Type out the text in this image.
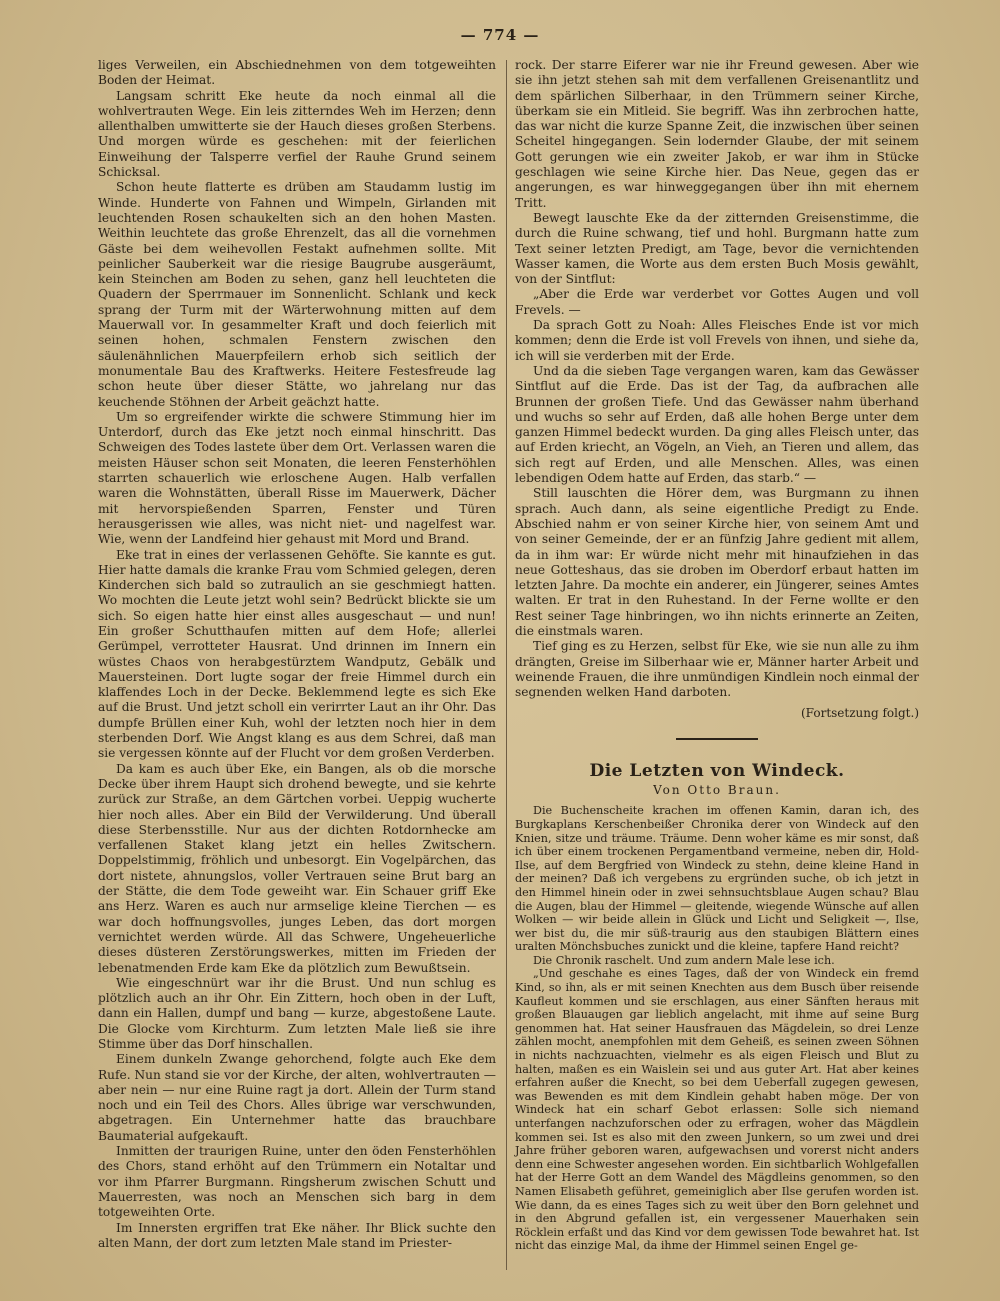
— 774 —

liges Verweilen, ein Abschiednehmen von dem totgeweihten Boden der Heimat.

Langsam schritt Eke heute da noch einmal all die wohlvertrauten Wege. Ein leis zitterndes Weh im Herzen; denn allenthalben umwitterte sie der Hauch dieses großen Sterbens. Und morgen würde es geschehen: mit der feierlichen Einweihung der Talsperre verfiel der Rauhe Grund seinem Schicksal.

Schon heute flatterte es drüben am Staudamm lustig im Winde. Hunderte von Fahnen und Wimpeln, Girlanden mit leuchtenden Rosen schaukelten sich an den hohen Masten. Weithin leuchtete das große Ehrenzelt, das all die vornehmen Gäste bei dem weihevollen Festakt aufnehmen sollte. Mit peinlicher Sauberkeit war die riesige Baugrube ausgeräumt, kein Steinchen am Boden zu sehen, ganz hell leuchteten die Quadern der Sperrmauer im Sonnenlicht. Schlank und keck sprang der Turm mit der Wärterwohnung mitten auf dem Mauerwall vor. In gesammelter Kraft und doch feierlich mit seinen hohen, schmalen Fenstern zwischen den säulenähnlichen Mauerpfeilern erhob sich seitlich der monumentale Bau des Kraftwerks. Heitere Festesfreude lag schon heute über dieser Stätte, wo jahrelang nur das keuchende Stöhnen der Arbeit geächzt hatte.

Um so ergreifender wirkte die schwere Stimmung hier im Unterdorf, durch das Eke jetzt noch einmal hinschritt. Das Schweigen des Todes lastete über dem Ort. Verlassen waren die meisten Häuser schon seit Monaten, die leeren Fensterhöhlen starrten schauerlich wie erloschene Augen. Halb verfallen waren die Wohnstätten, überall Risse im Mauerwerk, Dächer mit hervorspießenden Sparren, Fenster und Türen herausgerissen wie alles, was nicht niet- und nagelfest war. Wie, wenn der Landfeind hier gehaust mit Mord und Brand.

Eke trat in eines der verlassenen Gehöfte. Sie kannte es gut. Hier hatte damals die kranke Frau vom Schmied gelegen, deren Kinderchen sich bald so zutraulich an sie geschmiegt hatten. Wo mochten die Leute jetzt wohl sein? Bedrückt blickte sie um sich. So eigen hatte hier einst alles ausgeschaut — und nun! Ein großer Schutthaufen mitten auf dem Hofe; allerlei Gerümpel, verrotteter Hausrat. Und drinnen im Innern ein wüstes Chaos von herabgestürztem Wandputz, Gebälk und Mauersteinen. Dort lugte sogar der freie Himmel durch ein klaffendes Loch in der Decke. Beklemmend legte es sich Eke auf die Brust. Und jetzt scholl ein verirrter Laut an ihr Ohr. Das dumpfe Brüllen einer Kuh, wohl der letzten noch hier in dem sterbenden Dorf. Wie Angst klang es aus dem Schrei, daß man sie vergessen könnte auf der Flucht vor dem großen Verderben.

Da kam es auch über Eke, ein Bangen, als ob die morsche Decke über ihrem Haupt sich drohend bewegte, und sie kehrte zurück zur Straße, an dem Gärtchen vorbei. Ueppig wucherte hier noch alles. Aber ein Bild der Verwilderung. Und überall diese Sterbensstille. Nur aus der dichten Rotdornhecke am verfallenen Staket klang jetzt ein helles Zwitschern. Doppelstimmig, fröhlich und unbesorgt. Ein Vogelpärchen, das dort nistete, ahnungslos, voller Vertrauen seine Brut barg an der Stätte, die dem Tode geweiht war. Ein Schauer griff Eke ans Herz. Waren es auch nur armselige kleine Tierchen — es war doch hoffnungsvolles, junges Leben, das dort morgen vernichtet werden würde. All das Schwere, Ungeheuerliche dieses düsteren Zerstörungswerkes, mitten im Frieden der lebenatmenden Erde kam Eke da plötzlich zum Bewußtsein.

Wie eingeschnürt war ihr die Brust. Und nun schlug es plötzlich auch an ihr Ohr. Ein Zittern, hoch oben in der Luft, dann ein Hallen, dumpf und bang — kurze, abgestoßene Laute. Die Glocke vom Kirchturm. Zum letzten Male ließ sie ihre Stimme über das Dorf hinschallen.

Einem dunkeln Zwange gehorchend, folgte auch Eke dem Rufe. Nun stand sie vor der Kirche, der alten, wohlvertrauten — aber nein — nur eine Ruine ragt ja dort. Allein der Turm stand noch und ein Teil des Chors. Alles übrige war verschwunden, abgetragen. Ein Unternehmer hatte das brauchbare Baumaterial aufgekauft.

Inmitten der traurigen Ruine, unter den öden Fensterhöhlen des Chors, stand erhöht auf den Trümmern ein Notaltar und vor ihm Pfarrer Burgmann. Ringsherum zwischen Schutt und Mauerresten, was noch an Menschen sich barg in dem totgeweihten Orte.

Im Innersten ergriffen trat Eke näher. Ihr Blick suchte den alten Mann, der dort zum letzten Male stand im Priester-

rock. Der starre Eiferer war nie ihr Freund gewesen. Aber wie sie ihn jetzt stehen sah mit dem verfallenen Greisenantlitz und dem spärlichen Silberhaar, in den Trümmern seiner Kirche, überkam sie ein Mitleid. Sie begriff. Was ihn zerbrochen hatte, das war nicht die kurze Spanne Zeit, die inzwischen über seinen Scheitel hingegangen. Sein lodernder Glaube, der mit seinem Gott gerungen wie ein zweiter Jakob, er war ihm in Stücke geschlagen wie seine Kirche hier. Das Neue, gegen das er angerungen, es war hinweggegangen über ihn mit ehernem Tritt.

Bewegt lauschte Eke da der zitternden Greisenstimme, die durch die Ruine schwang, tief und hohl. Burgmann hatte zum Text seiner letzten Predigt, am Tage, bevor die vernichtenden Wasser kamen, die Worte aus dem ersten Buch Mosis gewählt, von der Sintflut:

„Aber die Erde war verderbet vor Gottes Augen und voll Frevels. —

Da sprach Gott zu Noah: Alles Fleisches Ende ist vor mich kommen; denn die Erde ist voll Frevels von ihnen, und siehe da, ich will sie verderben mit der Erde.

Und da die sieben Tage vergangen waren, kam das Gewässer Sintflut auf die Erde. Das ist der Tag, da aufbrachen alle Brunnen der großen Tiefe. Und das Gewässer nahm überhand und wuchs so sehr auf Erden, daß alle hohen Berge unter dem ganzen Himmel bedeckt wurden. Da ging alles Fleisch unter, das auf Erden kriecht, an Vögeln, an Vieh, an Tieren und allem, das sich regt auf Erden, und alle Menschen. Alles, was einen lebendigen Odem hatte auf Erden, das starb.“ —

Still lauschten die Hörer dem, was Burgmann zu ihnen sprach. Auch dann, als seine eigentliche Predigt zu Ende. Abschied nahm er von seiner Kirche hier, von seinem Amt und von seiner Gemeinde, der er an fünfzig Jahre gedient mit allem, da in ihm war: Er würde nicht mehr mit hinaufziehen in das neue Gotteshaus, das sie droben im Oberdorf erbaut hatten im letzten Jahre. Da mochte ein anderer, ein Jüngerer, seines Amtes walten. Er trat in den Ruhestand. In der Ferne wollte er den Rest seiner Tage hinbringen, wo ihn nichts erinnerte an Zeiten, die einstmals waren.

Tief ging es zu Herzen, selbst für Eke, wie sie nun alle zu ihm drängten, Greise im Silberhaar wie er, Männer harter Arbeit und weinende Frauen, die ihre unmündigen Kindlein noch einmal der segnenden welken Hand darboten.

(Fortsetzung folgt.)
Die Letzten von Windeck.
Von Otto Braun.

Die Buchenscheite krachen im offenen Kamin, daran ich, des Burgkaplans Kerschenbeißer Chronika derer von Windeck auf den Knien, sitze und träume. Träume. Denn woher käme es mir sonst, daß ich über einem trockenen Pergamentband vermeine, neben dir, Hold-Ilse, auf dem Bergfried von Windeck zu stehn, deine kleine Hand in der meinen? Daß ich vergebens zu ergründen suche, ob ich jetzt in den Himmel hinein oder in zwei sehnsuchtsblaue Augen schau? Blau die Augen, blau der Himmel — gleitende, wiegende Wünsche auf allen Wolken — wir beide allein in Glück und Licht und Seligkeit —, Ilse, wer bist du, die mir süß-traurig aus den staubigen Blättern eines uralten Mönchsbuches zunickt und die kleine, tapfere Hand reicht?

Die Chronik raschelt. Und zum andern Male lese ich.

„Und geschahe es eines Tages, daß der von Windeck ein fremd Kind, so ihn, als er mit seinen Knechten aus dem Busch über reisende Kaufleut kommen und sie erschlagen, aus einer Sänften heraus mit großen Blauaugen gar lieblich angelacht, mit ihme auf seine Burg genommen hat. Hat seiner Hausfrauen das Mägdelein, so drei Lenze zählen mocht, anempfohlen mit dem Geheiß, es seinen zween Söhnen in nichts nachzuachten, vielmehr es als eigen Fleisch und Blut zu halten, maßen es ein Waislein sei und aus guter Art. Hat aber keines erfahren außer die Knecht, so bei dem Ueberfall zugegen gewesen, was Bewenden es mit dem Kindlein gehabt haben möge. Der von Windeck hat ein scharf Gebot erlassen: Solle sich niemand unterfangen nachzuforschen oder zu erfragen, woher das Mägdlein kommen sei. Ist es also mit den zween Junkern, so um zwei und drei Jahre früher geboren waren, aufgewachsen und vorerst nicht anders denn eine Schwester angesehen worden. Ein sichtbarlich Wohlgefallen hat der Herre Gott an dem Wandel des Mägdleins genommen, so den Namen Elisabeth geführet, gemeiniglich aber Ilse gerufen worden ist. Wie dann, da es eines Tages sich zu weit über den Born gelehnet und in den Abgrund gefallen ist, ein vergessener Mauerhaken sein Röcklein erfaßt und das Kind vor dem gewissen Tode bewahret hat. Ist nicht das einzige Mal, da ihme der Himmel seinen Engel ge-
